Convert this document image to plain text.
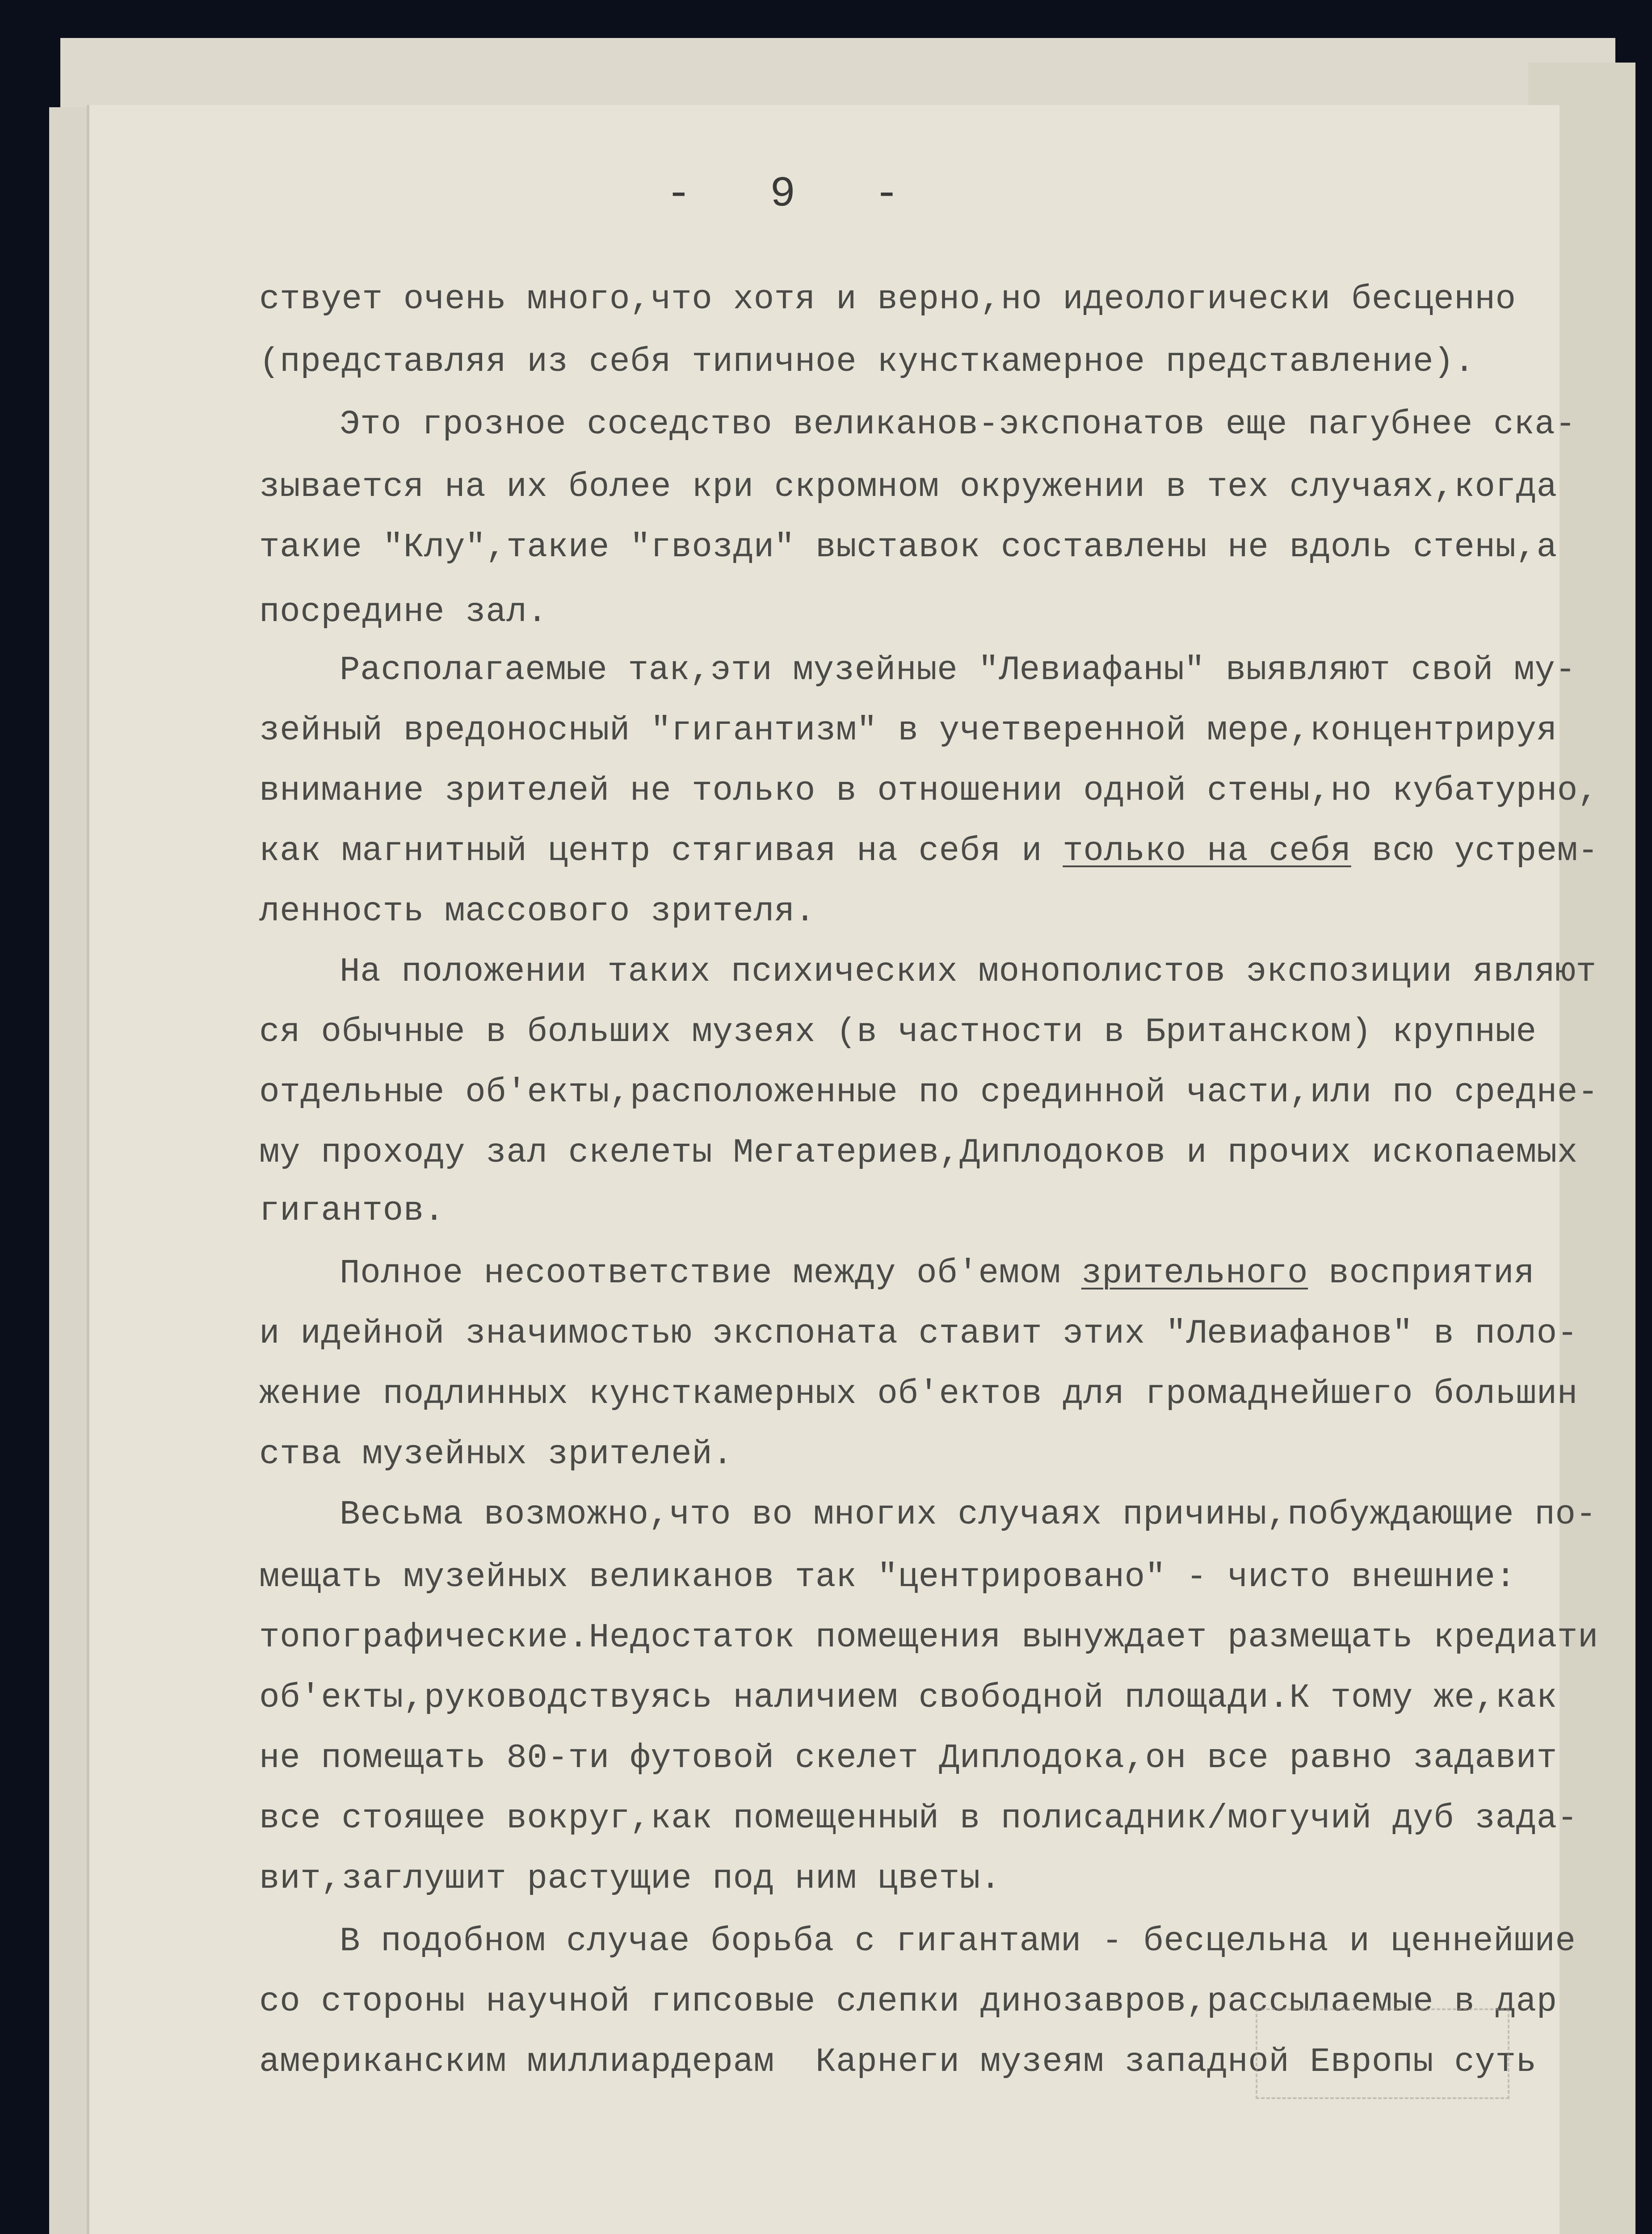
-  9  -
ствует очень много,что хотя и верно,но идеологически бесценно
(представляя из себя типичное кунсткамерное представление).
Это грозное соседство великанов-экспонатов еще пагубнее ска-
зывается на их более кри скромном окружении в тех случаях,когда
такие "Клу",такие "гвозди" выставок составлены не вдоль стены,а
посредине зал.
Располагаемые так,эти музейные "Левиафаны" выявляют свой му-
зейный вредоносный "гигантизм" в учетверенной мере,концентрируя
внимание зрителей не только в отношении одной стены,но кубатурно,
как магнитный центр стягивая на себя и только на себя всю устрем-
ленность массового зрителя.
На положении таких психических монополистов экспозиции являют
ся обычные в больших музеях (в частности в Британском) крупные
отдельные об'екты,расположенные по срединной части,или по средне-
му проходу зал скелеты Мегатериев,Диплодоков и прочих ископаемых
гигантов.
Полное несоответствие между об'емом зрительного восприятия
и идейной значимостью экспоната ставит этих "Левиафанов" в поло-
жение подлинных кунсткамерных об'ектов для громаднейшего большин
ства музейных зрителей.
Весьма возможно,что во многих случаях причины,побуждающие по-
мещать музейных великанов так "центрировано" - чисто внешние:
топографические.Недостаток помещения вынуждает размещать кредиати
об'екты,руководствуясь наличием свободной площади.К тому же,как
не помещать 80-ти футовой скелет Диплодока,он все равно задавит
все стоящее вокруг,как помещенный в полисадник/могучий дуб зада-
вит,заглушит растущие под ним цветы.
В подобном случае борьба с гигантами - бесцельна и ценнейшие
со стороны научной гипсовые слепки динозавров,рассылаемые в дар
американским миллиардерам  Карнеги музеям западной Европы суть
